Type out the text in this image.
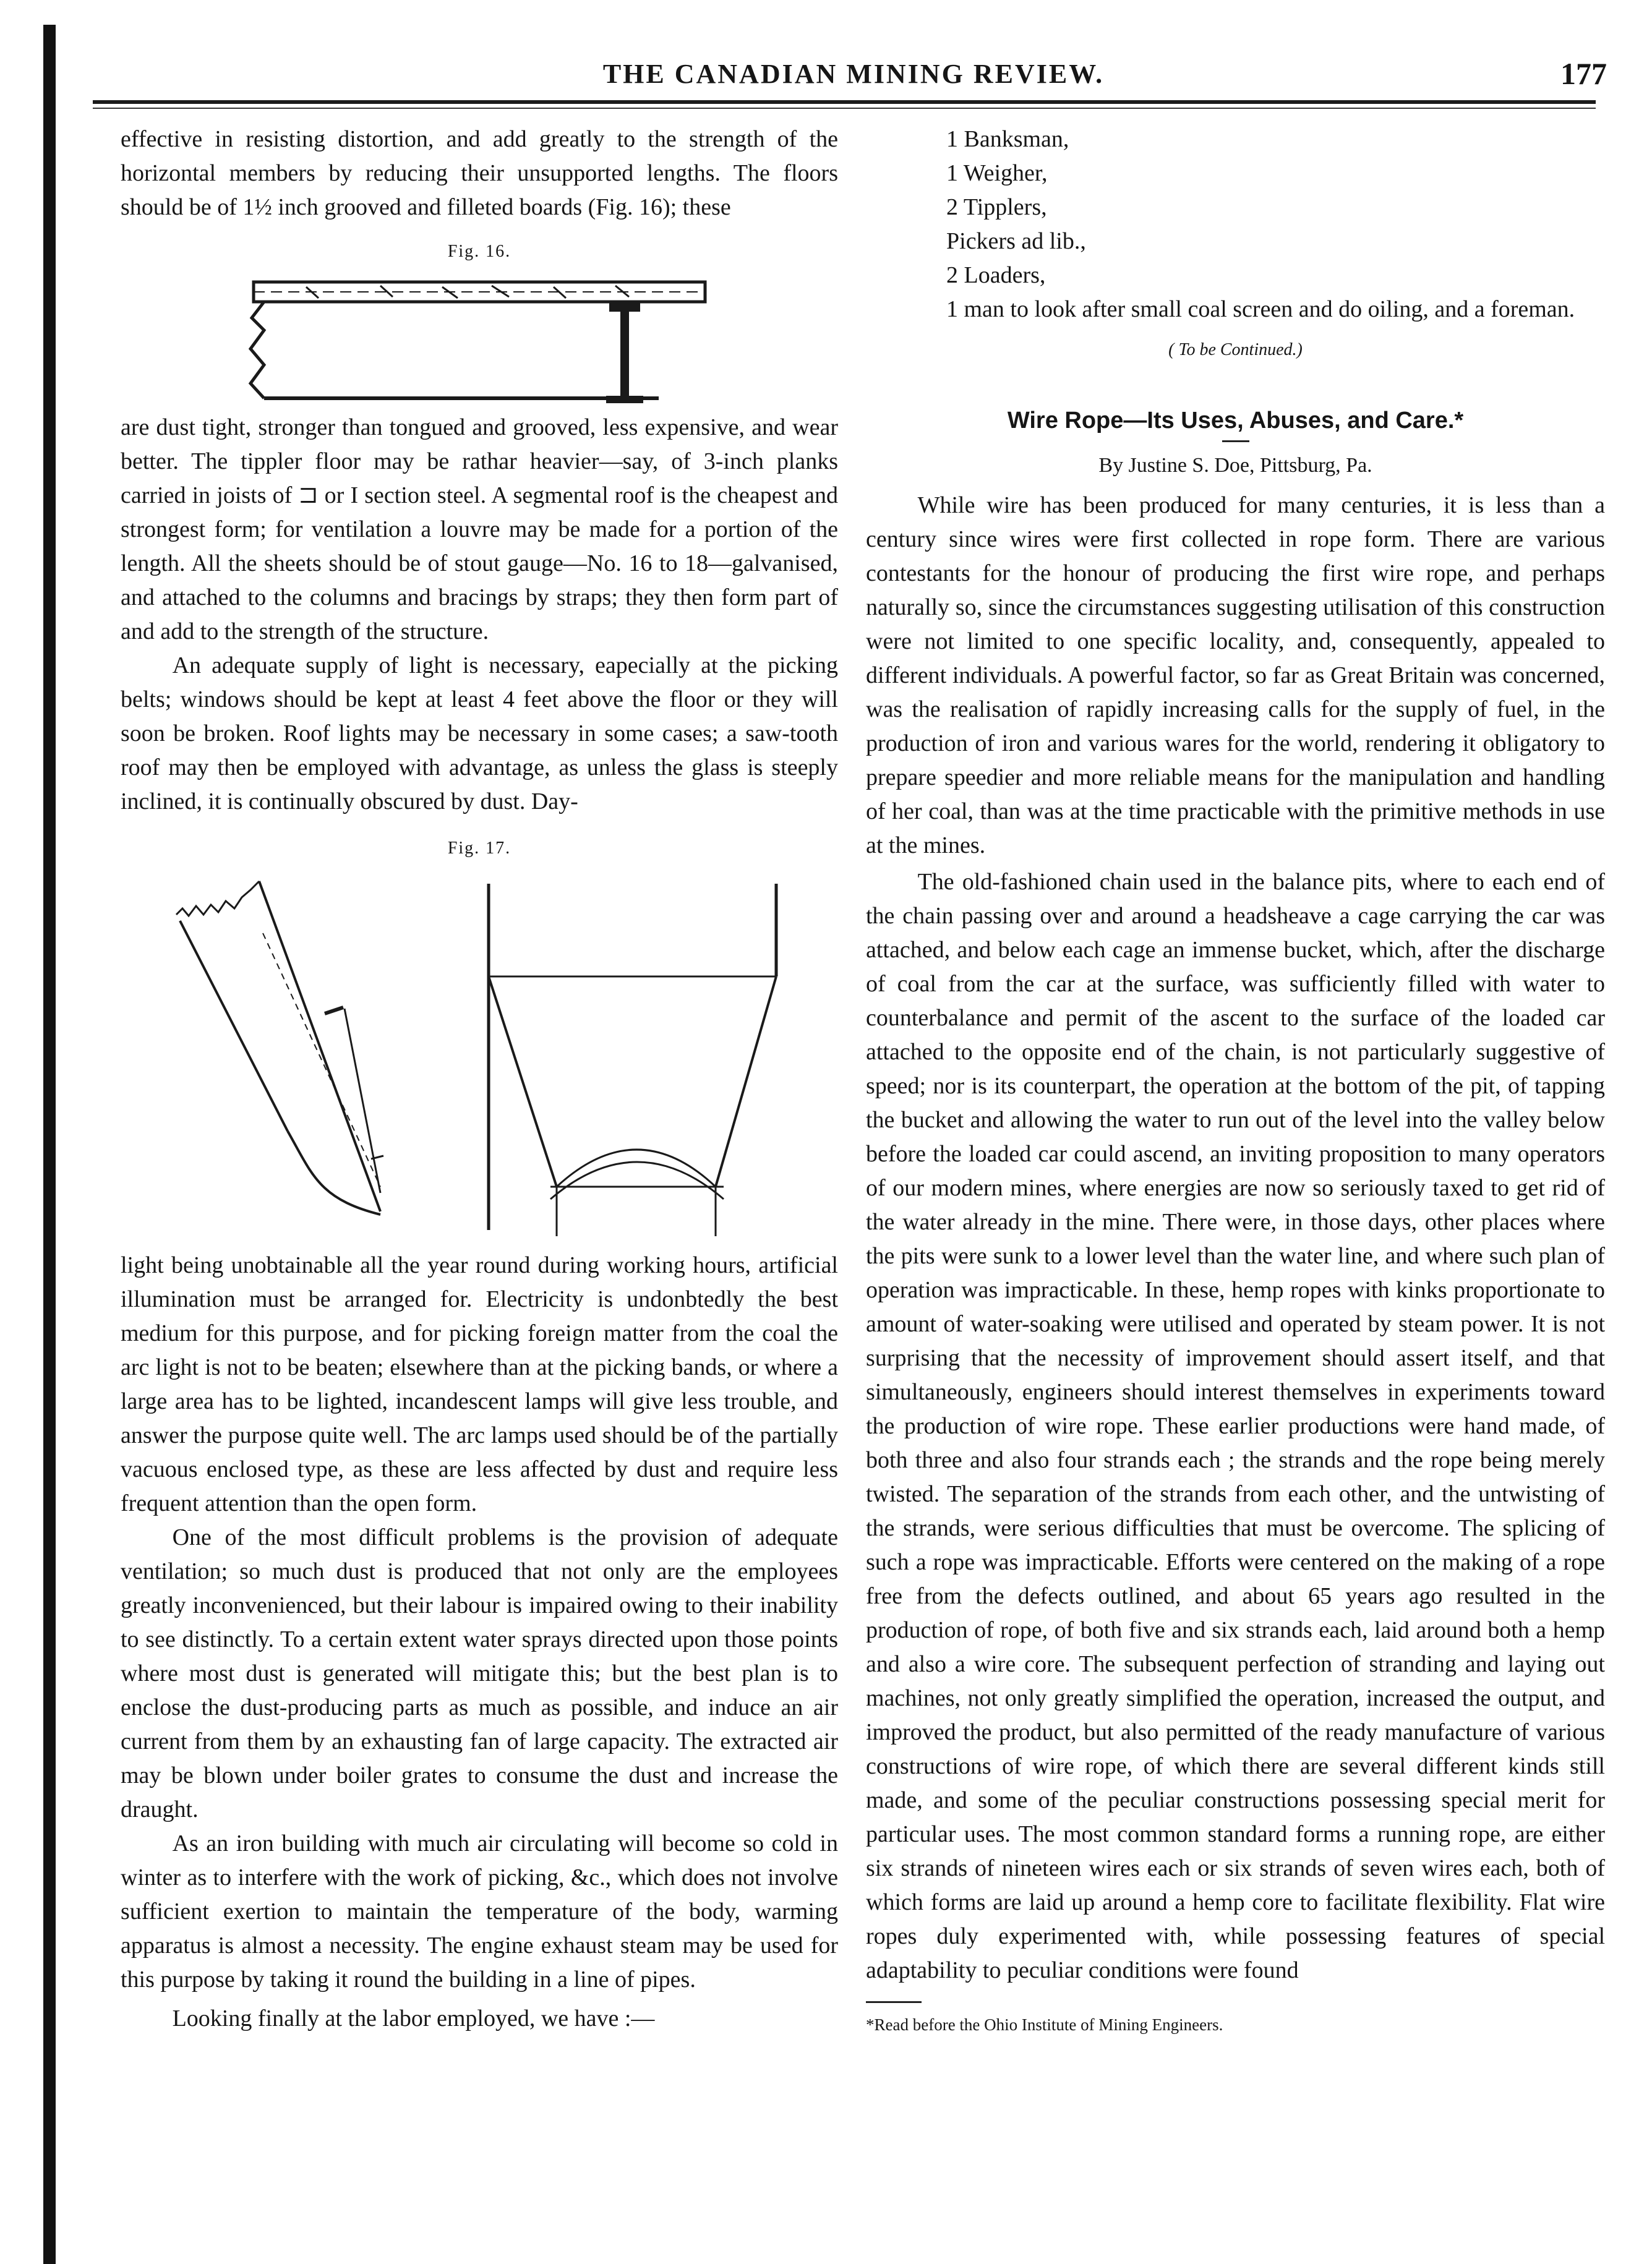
THE CANADIAN MINING REVIEW.	177

effective in resisting distortion, and add greatly to the strength of the horizontal members by reducing their unsupported lengths. The floors should be of 1½ inch grooved and filleted boards (Fig. 16); these

Fig. 16.

are dust tight, stronger than tongued and grooved, less expensive, and wear better. The tippler floor may be rathar heavier—say, of 3-inch planks carried in joists of ⊐ or I section steel. A segmental roof is the cheapest and strongest form; for ventilation a louvre may be made for a portion of the length. All the sheets should be of stout gauge—No. 16 to 18—galvanised, and attached to the columns and bracings by straps; they then form part of and add to the strength of the structure.

An adequate supply of light is necessary, eapecially at the picking belts; windows should be kept at least 4 feet above the floor or they will soon be broken. Roof lights may be necessary in some cases; a saw-tooth roof may then be employed with advantage, as unless the glass is steeply inclined, it is continually obscured by dust. Day-

Fig. 17.

light being unobtainable all the year round during working hours, artificial illumination must be arranged for. Electricity is undonbtedly the best medium for this purpose, and for picking foreign matter from the coal the arc light is not to be beaten; elsewhere than at the picking bands, or where a large area has to be lighted, incandescent lamps will give less trouble, and answer the purpose quite well. The arc lamps used should be of the partially vacuous enclosed type, as these are less affected by dust and require less frequent attention than the open form.

One of the most difficult problems is the provision of adequate ventilation; so much dust is produced that not only are the employees greatly inconvenienced, but their labour is impaired owing to their inability to see distinctly. To a certain extent water sprays directed upon those points where most dust is generated will mitigate this; but the best plan is to enclose the dust-producing parts as much as possible, and induce an air current from them by an exhausting fan of large capacity. The extracted air may be blown under boiler grates to consume the dust and increase the draught.

As an iron building with much air circulating will become so cold in winter as to interfere with the work of picking, &c., which does not involve sufficient exertion to maintain the temperature of the body, warming apparatus is almost a necessity. The engine exhaust steam may be used for this purpose by taking it round the building in a line of pipes.

Looking finally at the labor employed, we have :—

1 Banksman,

1 Weigher,

2 Tipplers,

Pickers ad lib.,

2 Loaders,

1 man to look after small coal screen and do oiling, and a foreman.

( To be Continued.)

Wire Rope—Its Uses, Abuses, and Care.*

By Justine S. Doe, Pittsburg, Pa.

While wire has been produced for many centuries, it is less than a century since wires were first collected in rope form. There are various contestants for the honour of producing the first wire rope, and perhaps naturally so, since the circumstances suggesting utilisation of this construction were not limited to one specific locality, and, consequently, appealed to different individuals. A powerful factor, so far as Great Britain was concerned, was the realisation of rapidly increasing calls for the supply of fuel, in the production of iron and various wares for the world, rendering it obligatory to prepare speedier and more reliable means for the manipulation and handling of her coal, than was at the time practicable with the primitive methods in use at the mines.

The old-fashioned chain used in the balance pits, where to each end of the chain passing over and around a headsheave a cage carrying the car was attached, and below each cage an immense bucket, which, after the discharge of coal from the car at the surface, was sufficiently filled with water to counterbalance and permit of the ascent to the surface of the loaded car attached to the opposite end of the chain, is not particularly suggestive of speed; nor is its counterpart, the operation at the bottom of the pit, of tapping the bucket and allowing the water to run out of the level into the valley below before the loaded car could ascend, an inviting proposition to many operators of our modern mines, where energies are now so seriously taxed to get rid of the water already in the mine. There were, in those days, other places where the pits were sunk to a lower level than the water line, and where such plan of operation was impracticable. In these, hemp ropes with kinks proportionate to amount of water-soaking were utilised and operated by steam power. It is not surprising that the necessity of improvement should assert itself, and that simultaneously, engineers should interest themselves in experiments toward the production of wire rope. These earlier productions were hand made, of both three and also four strands each ; the strands and the rope being merely twisted. The separation of the strands from each other, and the untwisting of the strands, were serious difficulties that must be overcome. The splicing of such a rope was impracticable. Efforts were centered on the making of a rope free from the defects outlined, and about 65 years ago resulted in the production of rope, of both five and six strands each, laid around both a hemp and also a wire core. The subsequent perfection of stranding and laying out machines, not only greatly simplified the operation, increased the output, and improved the product, but also permitted of the ready manufacture of various constructions of wire rope, of which there are several different kinds still made, and some of the peculiar constructions possessing special merit for particular uses. The most common standard forms a running rope, are either six strands of nineteen wires each or six strands of seven wires each, both of which forms are laid up around a hemp core to facilitate flexibility. Flat wire ropes duly experimented with, while possessing features of special adaptability to peculiar conditions were found

*Read before the Ohio Institute of Mining Engineers.
